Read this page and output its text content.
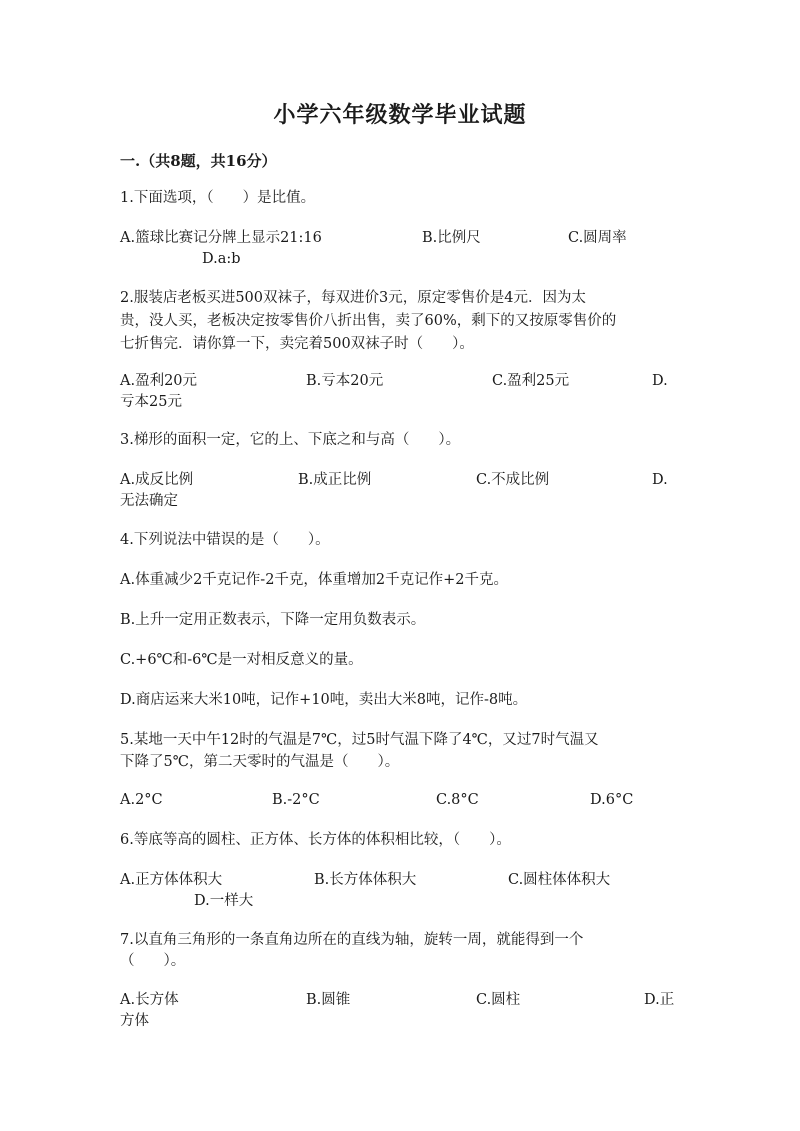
小学六年级数学毕业试题
一.（共8题，共16分）
1.下面选项，（　　）是比值。
A.篮球比赛记分牌上显示21:16	B.比例尺	C.圆周率
D.a:b
2.服装店老板买进500双袜子，每双进价3元，原定零售价是4元．因为太
贵，没人买，老板决定按零售价八折出售，卖了60%，剩下的又按原零售价的
七折售完．请你算一下，卖完着500双袜子时（　　）。
A.盈利20元	B.亏本20元	C.盈利25元	D.
亏本25元
3.梯形的面积一定，它的上、下底之和与高（　　）。
A.成反比例	B.成正比例	C.不成比例	D.
无法确定
4.下列说法中错误的是（　　）。
A.体重减少2千克记作-2千克，体重增加2千克记作+2千克。
B.上升一定用正数表示，下降一定用负数表示。
C.+6℃和-6℃是一对相反意义的量。
D.商店运来大米10吨，记作+10吨，卖出大米8吨，记作-8吨。
5.某地一天中午12时的气温是7℃，过5时气温下降了4℃，又过7时气温又
下降了5℃，第二天零时的气温是（　　）。
A.2°C	B.-2°C	C.8°C	D.6°C
6.等底等高的圆柱、正方体、长方体的体积相比较，（　　）。
A.正方体体积大	B.长方体体积大	C.圆柱体体积大
D.一样大
7.以直角三角形的一条直角边所在的直线为轴，旋转一周，就能得到一个
（　　）。
A.长方体	B.圆锥	C.圆柱	D.正
方体
